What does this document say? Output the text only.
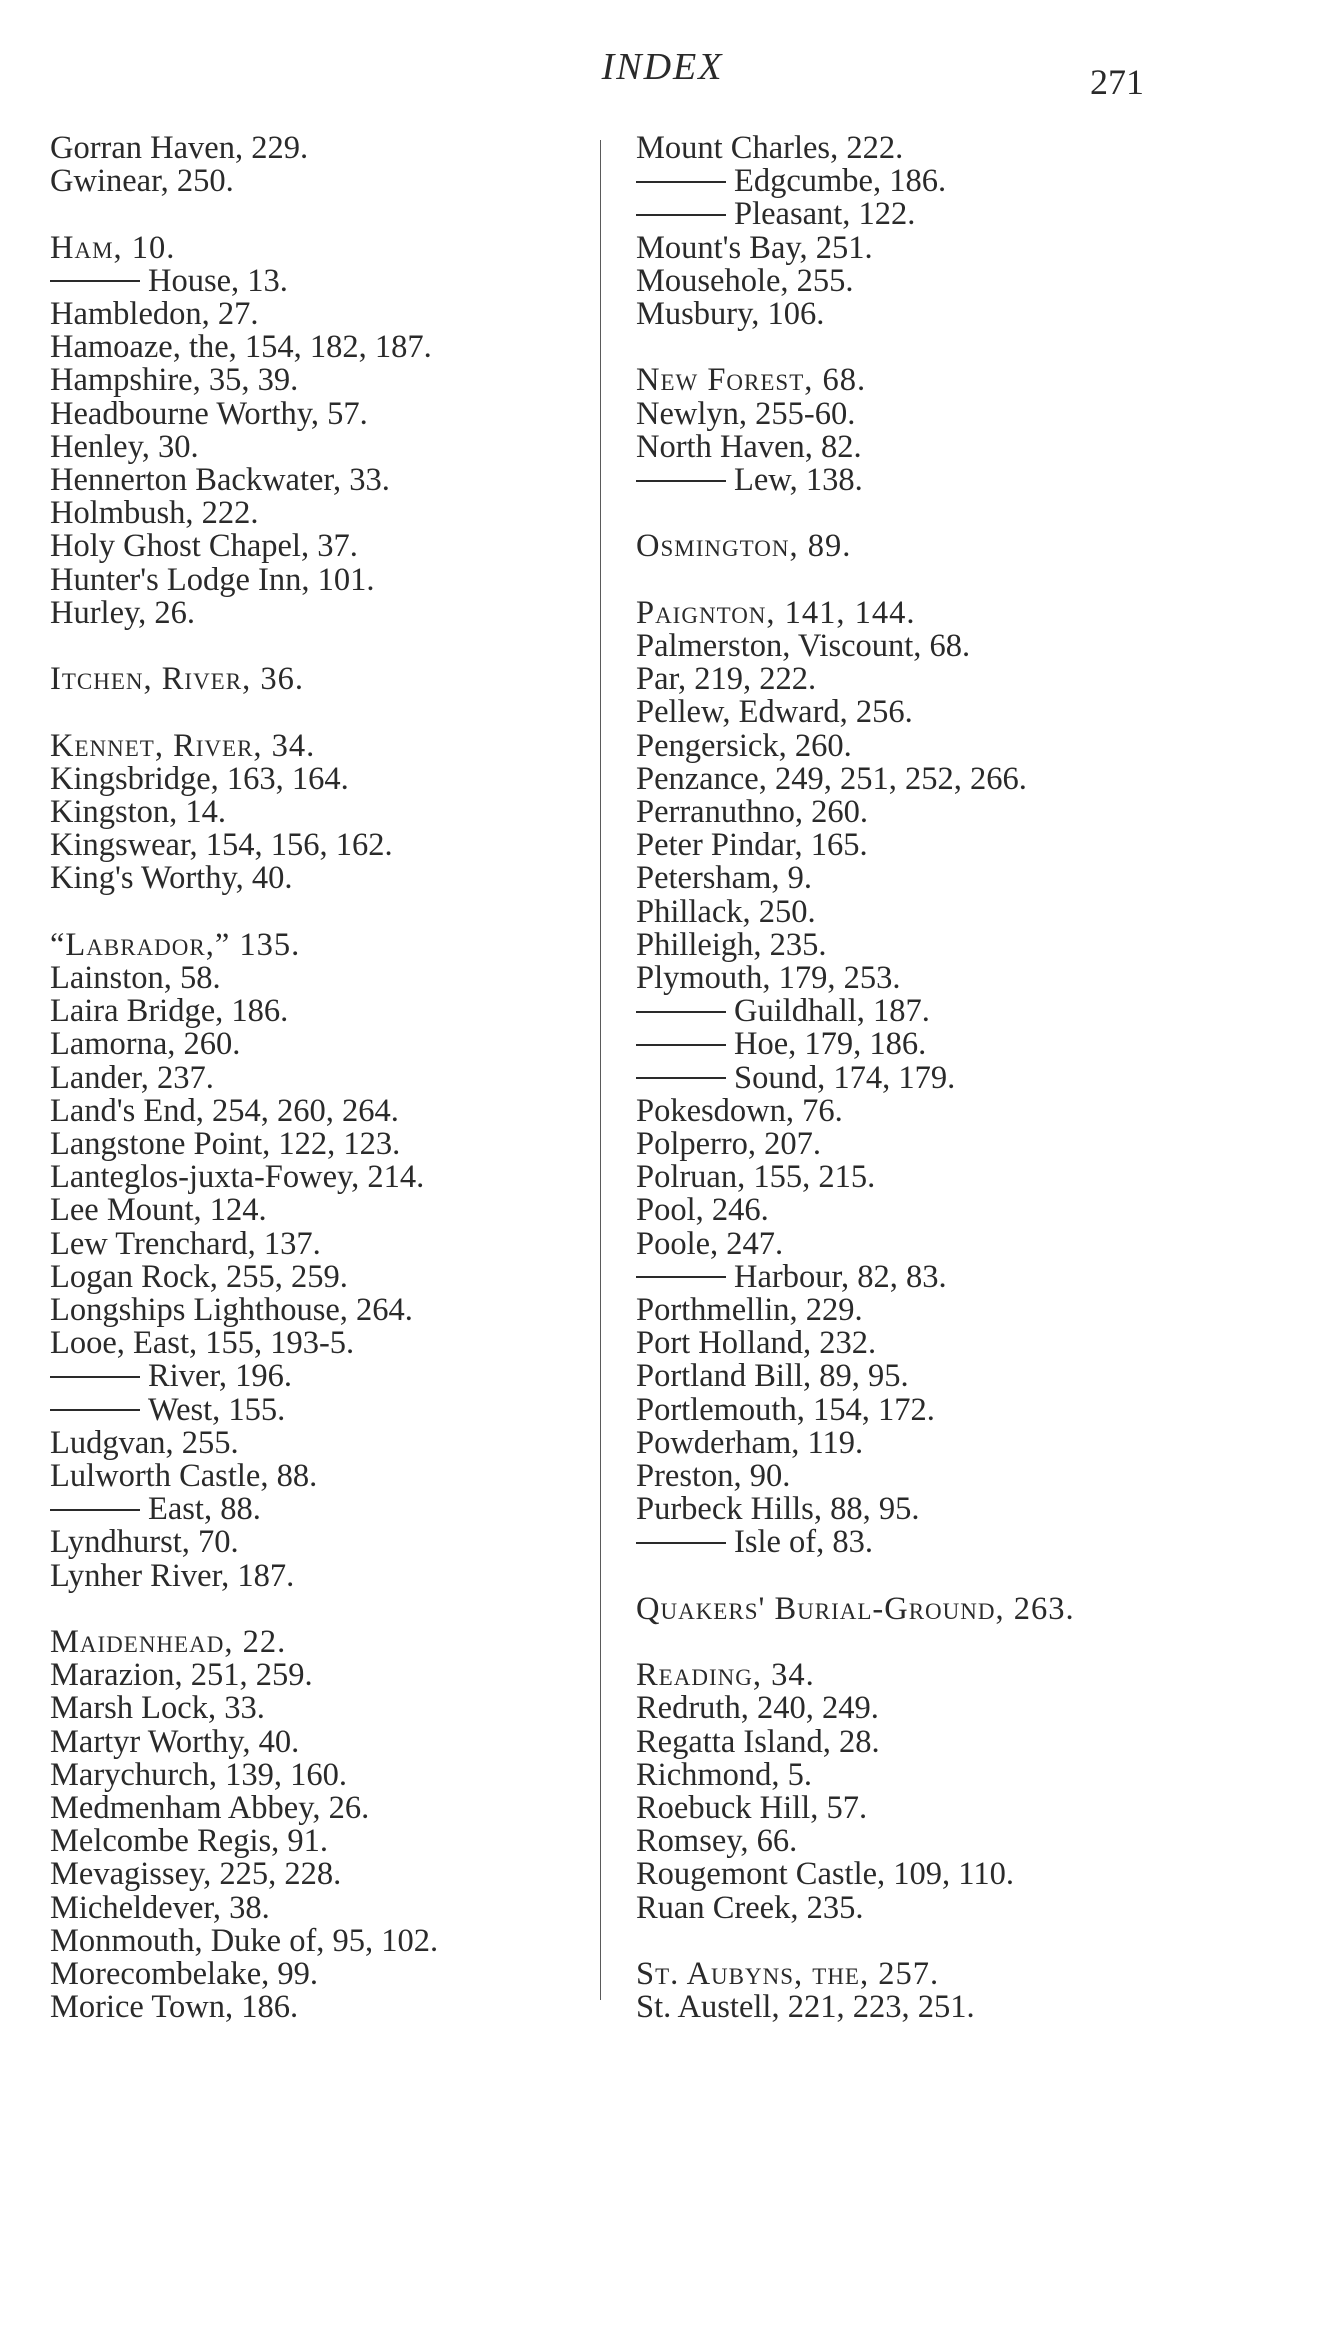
INDEX	271
Gorran Haven, 229.
Gwinear, 250.
Ham, 10.
House, 13.
Hambledon, 27.
Hamoaze, the, 154, 182, 187.
Hampshire, 35, 39.
Headbourne Worthy, 57.
Henley, 30.
Hennerton Backwater, 33.
Holmbush, 222.
Holy Ghost Chapel, 37.
Hunter's Lodge Inn, 101.
Hurley, 26.
Itchen, River, 36.
Kennet, River, 34.
Kingsbridge, 163, 164.
Kingston, 14.
Kingswear, 154, 156, 162.
King's Worthy, 40.
“Labrador,” 135.
Lainston, 58.
Laira Bridge, 186.
Lamorna, 260.
Lander, 237.
Land's End, 254, 260, 264.
Langstone Point, 122, 123.
Lanteglos-juxta-Fowey, 214.
Lee Mount, 124.
Lew Trenchard, 137.
Logan Rock, 255, 259.
Longships Lighthouse, 264.
Looe, East, 155, 193-5.
River, 196.
West, 155.
Ludgvan, 255.
Lulworth Castle, 88.
East, 88.
Lyndhurst, 70.
Lynher River, 187.
Maidenhead, 22.
Marazion, 251, 259.
Marsh Lock, 33.
Martyr Worthy, 40.
Marychurch, 139, 160.
Medmenham Abbey, 26.
Melcombe Regis, 91.
Mevagissey, 225, 228.
Micheldever, 38.
Monmouth, Duke of, 95, 102.
Morecombelake, 99.
Morice Town, 186.
Mount Charles, 222.
Edgcumbe, 186.
Pleasant, 122.
Mount's Bay, 251.
Mousehole, 255.
Musbury, 106.
New Forest, 68.
Newlyn, 255-60.
North Haven, 82.
Lew, 138.
Osmington, 89.
Paignton, 141, 144.
Palmerston, Viscount, 68.
Par, 219, 222.
Pellew, Edward, 256.
Pengersick, 260.
Penzance, 249, 251, 252, 266.
Perranuthno, 260.
Peter Pindar, 165.
Petersham, 9.
Phillack, 250.
Philleigh, 235.
Plymouth, 179, 253.
Guildhall, 187.
Hoe, 179, 186.
Sound, 174, 179.
Pokesdown, 76.
Polperro, 207.
Polruan, 155, 215.
Pool, 246.
Poole, 247.
Harbour, 82, 83.
Porthmellin, 229.
Port Holland, 232.
Portland Bill, 89, 95.
Portlemouth, 154, 172.
Powderham, 119.
Preston, 90.
Purbeck Hills, 88, 95.
Isle of, 83.
Quakers' Burial-Ground, 263.
Reading, 34.
Redruth, 240, 249.
Regatta Island, 28.
Richmond, 5.
Roebuck Hill, 57.
Romsey, 66.
Rougemont Castle, 109, 110.
Ruan Creek, 235.
St. Aubyns, the, 257.
St. Austell, 221, 223, 251.
